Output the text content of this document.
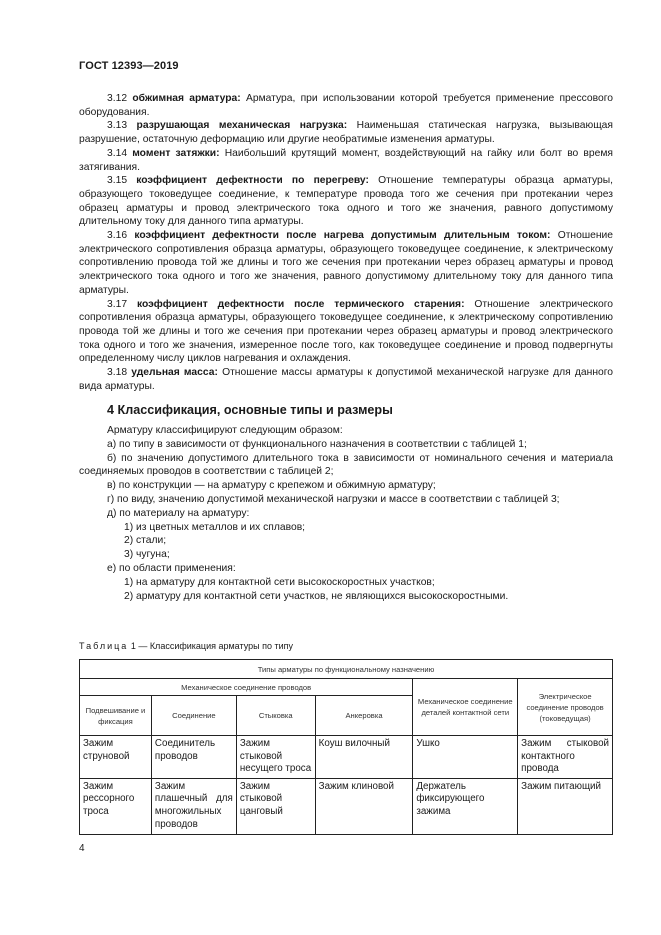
ГОСТ 12393—2019

3.12 обжимная арматура: Арматура, при использовании которой требуется применение прессового оборудования.

3.13 разрушающая механическая нагрузка: Наименьшая статическая нагрузка, вызывающая разрушение, остаточную деформацию или другие необратимые изменения арматуры.

3.14 момент затяжки: Наибольший крутящий момент, воздействующий на гайку или болт во время затягивания.

3.15 коэффициент дефектности по перегреву: Отношение температуры образца арматуры, образующего токоведущее соединение, к температуре провода того же сечения при протекании через образец арматуры и провод электрического тока одного и того же значения, равного допустимому длительному току для данного типа арматуры.

3.16 коэффициент дефектности после нагрева допустимым длительным током: Отношение электрического сопротивления образца арматуры, образующего токоведущее соединение, к электрическому сопротивлению провода той же длины и того же сечения при протекании через образец арматуры и провод электрического тока одного и того же значения, равного допустимому длительному току для данного типа арматуры.

3.17 коэффициент дефектности после термического старения: Отношение электрического сопротивления образца арматуры, образующего токоведущее соединение, к электрическому сопротивлению провода той же длины и того же сечения при протекании через образец арматуры и провод электрического тока одного и того же значения, измеренное после того, как токоведущее соединение и провод подвергнуты определенному числу циклов нагревания и охлаждения.

3.18 удельная масса: Отношение массы арматуры к допустимой механической нагрузке для данного вида арматуры.

4 Классификация, основные типы и размеры

Арматуру классифицируют следующим образом:

а) по типу в зависимости от функционального назначения в соответствии с таблицей 1;

б) по значению допустимого длительного тока в зависимости от номинального сечения и материала соединяемых проводов в соответствии с таблицей 2;

в) по конструкции — на арматуру с крепежом и обжимную арматуру;

г) по виду, значению допустимой механической нагрузки и массе в соответствии с таблицей 3;

д) по материалу на арматуру:

1) из цветных металлов и их сплавов;

2) стали;

3) чугуна;

е) по области применения:

1) на арматуру для контактной сети высокоскоростных участков;

2) арматуру для контактной сети участков, не являющихся высокоскоростными.

Таблица 1 — Классификация арматуры по типу
Типы арматуры по функциональному назначению					
Механическое соединение проводов				Механическое соединение деталей контактной сети	Электрическое соединение проводов (токоведущая)
Подвешивание и фиксация	Соединение	Стыковка	Анкеровка		
Зажим струновой	Соединитель проводов	Зажим стыковой несущего троса	Коуш вилочный	Ушко	Зажим стыковой контактного провода
Зажим рессорного троса	Зажим плашечный для многожильных проводов	Зажим стыковой цанговый	Зажим клиновой	Держатель фиксирующего зажима	Зажим питающий
4
